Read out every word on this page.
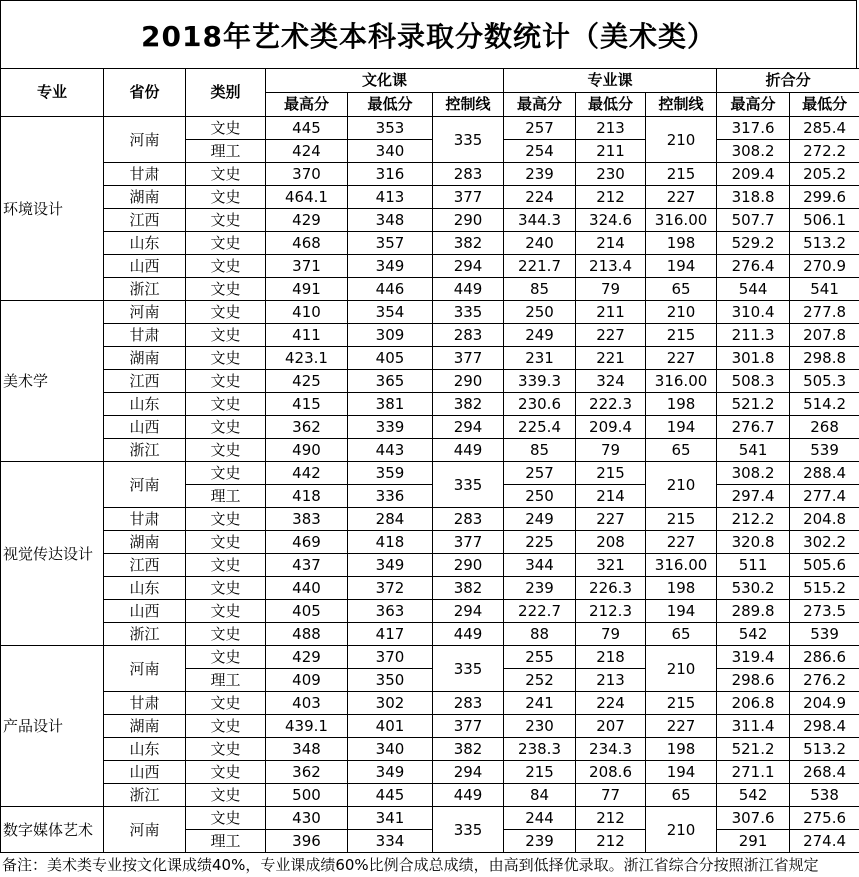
2018年艺术类本科录取分数统计（美术类）
专业	省份	类别	文化课			专业课			折合分	
			最高分	最低分	控制线	最高分	最低分	控制线	最高分	最低分
环境设计	河南	文史	445	353	335	257	213	210	317.6	285.4
		理工	424	340		254	211		308.2	272.2
	甘肃	文史	370	316	283	239	230	215	209.4	205.2
	湖南	文史	464.1	413	377	224	212	227	318.8	299.6
	江西	文史	429	348	290	344.3	324.6	316.00	507.7	506.1
	山东	文史	468	357	382	240	214	198	529.2	513.2
	山西	文史	371	349	294	221.7	213.4	194	276.4	270.9
	浙江	文史	491	446	449	85	79	65	544	541
美术学	河南	文史	410	354	335	250	211	210	310.4	277.8
	甘肃	文史	411	309	283	249	227	215	211.3	207.8
	湖南	文史	423.1	405	377	231	221	227	301.8	298.8
	江西	文史	425	365	290	339.3	324	316.00	508.3	505.3
	山东	文史	415	381	382	230.6	222.3	198	521.2	514.2
	山西	文史	362	339	294	225.4	209.4	194	276.7	268
	浙江	文史	490	443	449	85	79	65	541	539
视觉传达设计	河南	文史	442	359	335	257	215	210	308.2	288.4
		理工	418	336		250	214		297.4	277.4
	甘肃	文史	383	284	283	249	227	215	212.2	204.8
	湖南	文史	469	418	377	225	208	227	320.8	302.2
	江西	文史	437	349	290	344	321	316.00	511	505.6
	山东	文史	440	372	382	239	226.3	198	530.2	515.2
	山西	文史	405	363	294	222.7	212.3	194	289.8	273.5
	浙江	文史	488	417	449	88	79	65	542	539
产品设计	河南	文史	429	370	335	255	218	210	319.4	286.6
		理工	409	350		252	213		298.6	276.2
	甘肃	文史	403	302	283	241	224	215	206.8	204.9
	湖南	文史	439.1	401	377	230	207	227	311.4	298.4
	山东	文史	348	340	382	238.3	234.3	198	521.2	513.2
	山西	文史	362	349	294	215	208.6	194	271.1	268.4
	浙江	文史	500	445	449	84	77	65	542	538
数字媒体艺术	河南	文史	430	341	335	244	212	210	307.6	275.6
		理工	396	334		239	212		291	274.4
备注：美术类专业按文化课成绩40%，专业课成绩60%比例合成总成绩，由高到低择优录取。浙江省综合分按照浙江省规定
